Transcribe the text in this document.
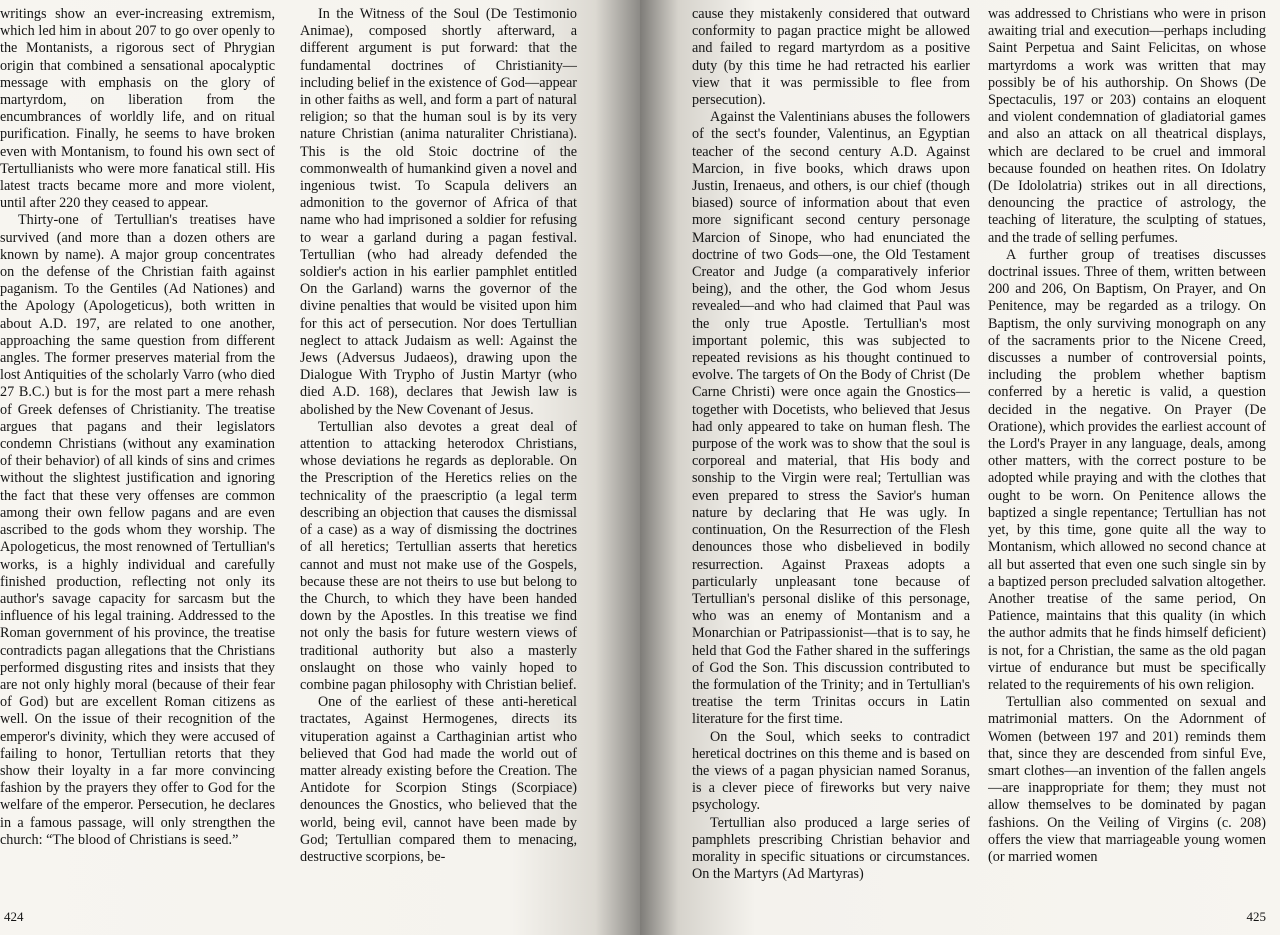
writings show an ever-increasing extremism, which led him in about 207 to go over openly to the Montanists, a rigorous sect of Phrygian origin that combined a sensational apocalyptic message with emphasis on the glory of martyrdom, on liberation from the encumbrances of worldly life, and on ritual purification. Finally, he seems to have broken even with Montanism, to found his own sect of Tertullianists who were more fanatical still. His latest tracts became more and more violent, until after 220 they ceased to appear.

Thirty-one of Tertullian's treatises have survived (and more than a dozen others are known by name). A major group concentrates on the defense of the Christian faith against paganism. To the Gentiles (Ad Nationes) and the Apology (Apologeticus), both written in about A.D. 197, are related to one another, approaching the same question from different angles. The former preserves material from the lost Antiquities of the scholarly Varro (who died 27 B.C.) but is for the most part a mere rehash of Greek defenses of Christianity. The treatise argues that pagans and their legislators condemn Christians (without any examination of their behavior) of all kinds of sins and crimes without the slightest justification and ignoring the fact that these very offenses are common among their own fellow pagans and are even ascribed to the gods whom they worship. The Apologeticus, the most renowned of Tertullian's works, is a highly individual and carefully finished production, reflecting not only its author's savage capacity for sarcasm but the influence of his legal training. Addressed to the Roman government of his province, the treatise contradicts pagan allegations that the Christians performed disgusting rites and insists that they are not only highly moral (because of their fear of God) but are excellent Roman citizens as well. On the issue of their recognition of the emperor's divinity, which they were accused of failing to honor, Tertullian retorts that they show their loyalty in a far more convincing fashion by the prayers they offer to God for the welfare of the emperor. Persecution, he declares in a famous passage, will only strengthen the church: “The blood of Christians is seed.”

In the Witness of the Soul (De Testimonio Animae), composed shortly afterward, a different argument is put forward: that the fundamental doctrines of Christianity—including belief in the existence of God—appear in other faiths as well, and form a part of natural religion; so that the human soul is by its very nature Christian (anima naturaliter Christiana). This is the old Stoic doctrine of the commonwealth of humankind given a novel and ingenious twist. To Scapula delivers an admonition to the governor of Africa of that name who had imprisoned a soldier for refusing to wear a garland during a pagan festival. Tertullian (who had already defended the soldier's action in his earlier pamphlet entitled On the Garland) warns the governor of the divine penalties that would be visited upon him for this act of persecution. Nor does Tertullian neglect to attack Judaism as well: Against the Jews (Adversus Judaeos), drawing upon the Dialogue With Trypho of Justin Martyr (who died A.D. 168), declares that Jewish law is abolished by the New Covenant of Jesus.

Tertullian also devotes a great deal of attention to attacking heterodox Christians, whose deviations he regards as deplorable. On the Prescription of the Heretics relies on the technicality of the praescriptio (a legal term describing an objection that causes the dismissal of a case) as a way of dismissing the doctrines of all heretics; Tertullian asserts that heretics cannot and must not make use of the Gospels, because these are not theirs to use but belong to the Church, to which they have been handed down by the Apostles. In this treatise we find not only the basis for future western views of traditional authority but also a masterly onslaught on those who vainly hoped to combine pagan philosophy with Christian belief.

One of the earliest of these anti-heretical tractates, Against Hermogenes, directs its vituperation against a Carthaginian artist who believed that God had made the world out of matter already existing before the Creation. The Antidote for Scorpion Stings (Scorpiace) denounces the Gnostics, who believed that the world, being evil, cannot have been made by God; Tertullian compared them to menacing, destructive scorpions, be-

424

cause they mistakenly considered that outward conformity to pagan practice might be allowed and failed to regard martyrdom as a positive duty (by this time he had retracted his earlier view that it was permissible to flee from persecution).

Against the Valentinians abuses the followers of the sect's founder, Valentinus, an Egyptian teacher of the second century A.D. Against Marcion, in five books, which draws upon Justin, Irenaeus, and others, is our chief (though biased) source of information about that even more significant second century personage Marcion of Sinope, who had enunciated the doctrine of two Gods—one, the Old Testament Creator and Judge (a comparatively inferior being), and the other, the God whom Jesus revealed—and who had claimed that Paul was the only true Apostle. Tertullian's most important polemic, this was subjected to repeated revisions as his thought continued to evolve. The targets of On the Body of Christ (De Carne Christi) were once again the Gnostics—together with Docetists, who believed that Jesus had only appeared to take on human flesh. The purpose of the work was to show that the soul is corporeal and material, that His body and sonship to the Virgin were real; Tertullian was even prepared to stress the Savior's human nature by declaring that He was ugly. In continuation, On the Resurrection of the Flesh denounces those who disbelieved in bodily resurrection. Against Praxeas adopts a particularly unpleasant tone because of Tertullian's personal dislike of this personage, who was an enemy of Montanism and a Monarchian or Patripassionist—that is to say, he held that God the Father shared in the sufferings of God the Son. This discussion contributed to the formulation of the Trinity; and in Tertullian's treatise the term Trinitas occurs in Latin literature for the first time.

On the Soul, which seeks to contradict heretical doctrines on this theme and is based on the views of a pagan physician named Soranus, is a clever piece of fireworks but very naive psychology.

Tertullian also produced a large series of pamphlets prescribing Christian behavior and morality in specific situations or circumstances. On the Martyrs (Ad Martyras)

was addressed to Christians who were in prison awaiting trial and execution—perhaps including Saint Perpetua and Saint Felicitas, on whose martyrdoms a work was written that may possibly be of his authorship. On Shows (De Spectaculis, 197 or 203) contains an eloquent and violent condemnation of gladiatorial games and also an attack on all theatrical displays, which are declared to be cruel and immoral because founded on heathen rites. On Idolatry (De Idololatria) strikes out in all directions, denouncing the practice of astrology, the teaching of literature, the sculpting of statues, and the trade of selling perfumes.

A further group of treatises discusses doctrinal issues. Three of them, written between 200 and 206, On Baptism, On Prayer, and On Penitence, may be regarded as a trilogy. On Baptism, the only surviving monograph on any of the sacraments prior to the Nicene Creed, discusses a number of controversial points, including the problem whether baptism conferred by a heretic is valid, a question decided in the negative. On Prayer (De Oratione), which provides the earliest account of the Lord's Prayer in any language, deals, among other matters, with the correct posture to be adopted while praying and with the clothes that ought to be worn. On Penitence allows the baptized a single repentance; Tertullian has not yet, by this time, gone quite all the way to Montanism, which allowed no second chance at all but asserted that even one such single sin by a baptized person precluded salvation altogether. Another treatise of the same period, On Patience, maintains that this quality (in which the author admits that he finds himself deficient) is not, for a Christian, the same as the old pagan virtue of endurance but must be specifically related to the requirements of his own religion.

Tertullian also commented on sexual and matrimonial matters. On the Adornment of Women (between 197 and 201) reminds them that, since they are descended from sinful Eve, smart clothes—an invention of the fallen angels—are inappropriate for them; they must not allow themselves to be dominated by pagan fashions. On the Veiling of Virgins (c. 208) offers the view that marriageable young women (or married women

425
